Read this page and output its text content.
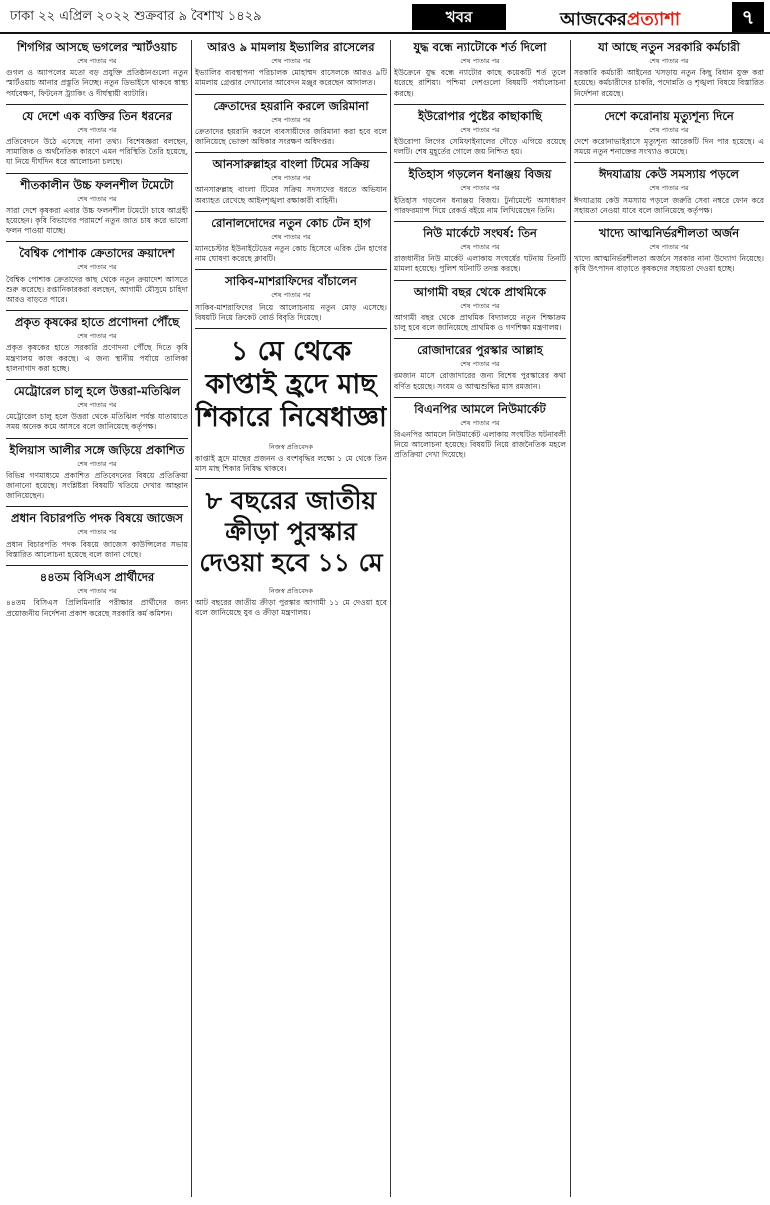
ঢাকা ২২ এপ্রিল ২০২২ শুক্রবার ৯ বৈশাখ ১৪২৯	খবর	আজকেরপ্রত্যাশা	৭
শিগগির আসছে ভগলের স্মার্টওয়াচ
শেষ পাতার পর
গুগল ও অ্যাপলের মতো বড় প্রযুক্তি প্রতিষ্ঠানগুলো নতুন স্মার্টওয়াচ আনার প্রস্তুতি নিচ্ছে। নতুন ডিভাইসে থাকবে স্বাস্থ্য পর্যবেক্ষণ, ফিটনেস ট্র্যাকিং ও দীর্ঘস্থায়ী ব্যাটারি।
যে দেশে এক ব্যক্তির তিন ধরনের
শেষ পাতার পর
প্রতিবেদনে উঠে এসেছে নানা তথ্য। বিশেষজ্ঞরা বলছেন, সামাজিক ও অর্থনৈতিক কারণে এমন পরিস্থিতি তৈরি হয়েছে, যা নিয়ে দীর্ঘদিন ধরে আলোচনা চলছে।
শীতকালীন উচ্চ ফলনশীল টমেটো
শেষ পাতার পর
সারা দেশে কৃষকরা এবার উচ্চ ফলনশীল টমেটো চাষে আগ্রহী হয়েছেন। কৃষি বিভাগের পরামর্শে নতুন জাত চাষ করে ভালো ফলন পাওয়া যাচ্ছে।
বৈশ্বিক পোশাক ক্রেতাদের ক্রয়াদেশ
শেষ পাতার পর
বৈশ্বিক পোশাক ক্রেতাদের কাছ থেকে নতুন ক্রয়াদেশ আসতে শুরু করেছে। রপ্তানিকারকরা বলছেন, আগামী মৌসুমে চাহিদা আরও বাড়তে পারে।
প্রকৃত কৃষকের হাতে প্রণোদনা পৌঁছে
শেষ পাতার পর
প্রকৃত কৃষকের হাতে সরকারি প্রণোদনা পৌঁছে দিতে কৃষি মন্ত্রণালয় কাজ করছে। এ জন্য স্থানীয় পর্যায়ে তালিকা হালনাগাদ করা হচ্ছে।
মেট্রোরেল চালু হলে উত্তরা-মতিঝিল
শেষ পাতার পর
মেট্রোরেল চালু হলে উত্তরা থেকে মতিঝিল পর্যন্ত যাতায়াতে সময় অনেক কমে আসবে বলে জানিয়েছে কর্তৃপক্ষ।
ইলিয়াস আলীর সঙ্গে জড়িয়ে প্রকাশিত
শেষ পাতার পর
বিভিন্ন গণমাধ্যমে প্রকাশিত প্রতিবেদনের বিষয়ে প্রতিক্রিয়া জানানো হয়েছে। সংশ্লিষ্টরা বিষয়টি খতিয়ে দেখার আহ্বান জানিয়েছেন।
প্রধান বিচারপতি পদক বিষয়ে জাজেস
শেষ পাতার পর
প্রধান বিচারপতি পদক বিষয়ে জাজেস কাউন্সিলের সভায় বিস্তারিত আলোচনা হয়েছে বলে জানা গেছে।
৪৪তম বিসিএস প্রার্থীদের
শেষ পাতার পর
৪৪তম বিসিএস প্রিলিমিনারি পরীক্ষার প্রার্থীদের জন্য প্রয়োজনীয় নির্দেশনা প্রকাশ করেছে সরকারি কর্ম কমিশন।
আরও ৯ মামলায় ইভ্যালির রাসেলের
শেষ পাতার পর
ইভ্যালির ব্যবস্থাপনা পরিচালক মোহাম্মদ রাসেলকে আরও ৯টি মামলায় গ্রেপ্তার দেখানোর আবেদন মঞ্জুর করেছেন আদালত।
ক্রেতাদের হয়রানি করলে জরিমানা
শেষ পাতার পর
ক্রেতাদের হয়রানি করলে ব্যবসায়ীদের জরিমানা করা হবে বলে জানিয়েছে ভোক্তা অধিকার সংরক্ষণ অধিদপ্তর।
আনসারুল্লাহর বাংলা টিমের সক্রিয়
শেষ পাতার পর
আনসারুল্লাহ বাংলা টিমের সক্রিয় সদস্যদের ধরতে অভিযান অব্যাহত রেখেছে আইনশৃঙ্খলা রক্ষাকারী বাহিনী।
রোনালদোদের নতুন কোচ টেন হাগ
শেষ পাতার পর
ম্যানচেস্টার ইউনাইটেডের নতুন কোচ হিসেবে এরিক টেন হাগের নাম ঘোষণা করেছে ক্লাবটি।
সাকিব-মাশরাফিদের বাঁচালেন
শেষ পাতার পর
সাকিব-মাশরাফিদের নিয়ে আলোচনায় নতুন মোড় এসেছে। বিষয়টি নিয়ে ক্রিকেট বোর্ড বিবৃতি দিয়েছে।
১ মে থেকে কাপ্তাই হ্রদে মাছ শিকারে নিষেধাজ্ঞা
নিজস্ব প্রতিবেদক
কাপ্তাই হ্রদে মাছের প্রজনন ও বংশবৃদ্ধির লক্ষ্যে ১ মে থেকে তিন মাস মাছ শিকার নিষিদ্ধ থাকবে।
৮ বছরের জাতীয় ক্রীড়া পুরস্কার দেওয়া হবে ১১ মে
নিজস্ব প্রতিবেদক
আট বছরের জাতীয় ক্রীড়া পুরস্কার আগামী ১১ মে দেওয়া হবে বলে জানিয়েছে যুব ও ক্রীড়া মন্ত্রণালয়।
যুদ্ধ বন্ধে ন্যাটোকে শর্ত দিলো
শেষ পাতার পর
ইউক্রেনে যুদ্ধ বন্ধে ন্যাটোর কাছে কয়েকটি শর্ত তুলে ধরেছে রাশিয়া। পশ্চিমা দেশগুলো বিষয়টি পর্যালোচনা করছে।
ইউরোপার পুষ্টের কাছাকাছি
শেষ পাতার পর
ইউরোপা লিগের সেমিফাইনালের দৌড়ে এগিয়ে রয়েছে দলটি। শেষ মুহূর্তের গোলে জয় নিশ্চিত হয়।
ইতিহাস গড়লেন ধনাঞ্জয় বিজয়
শেষ পাতার পর
ইতিহাস গড়লেন ধনাঞ্জয় বিজয়। টুর্নামেন্টে অসাধারণ পারফরম্যান্স দিয়ে রেকর্ড বইয়ে নাম লিখিয়েছেন তিনি।
নিউ মার্কেটে সংঘর্ষ: তিন
শেষ পাতার পর
রাজধানীর নিউ মার্কেট এলাকায় সংঘর্ষের ঘটনায় তিনটি মামলা হয়েছে। পুলিশ ঘটনাটি তদন্ত করছে।
আগামী বছর থেকে প্রাথমিকে
শেষ পাতার পর
আগামী বছর থেকে প্রাথমিক বিদ্যালয়ে নতুন শিক্ষাক্রম চালু হবে বলে জানিয়েছে প্রাথমিক ও গণশিক্ষা মন্ত্রণালয়।
রোজাদারের পুরস্কার আল্লাহ
শেষ পাতার পর
রমজান মাসে রোজাদারের জন্য বিশেষ পুরস্কারের কথা বর্ণিত হয়েছে। সংযম ও আত্মশুদ্ধির মাস রমজান।
বিএনপির আমলে নিউমার্কেট
শেষ পাতার পর
বিএনপির আমলে নিউমার্কেট এলাকায় সংঘটিত ঘটনাবলী নিয়ে আলোচনা হয়েছে। বিষয়টি নিয়ে রাজনৈতিক মহলে প্রতিক্রিয়া দেখা দিয়েছে।
যা আছে নতুন সরকারি কর্মচারী
শেষ পাতার পর
সরকারি কর্মচারী আইনের খসড়ায় নতুন কিছু বিধান যুক্ত করা হয়েছে। কর্মচারীদের চাকরি, পদোন্নতি ও শৃঙ্খলা বিষয়ে বিস্তারিত নির্দেশনা রয়েছে।
দেশে করোনায় মৃত্যুশূন্য দিনে
শেষ পাতার পর
দেশে করোনাভাইরাসে মৃত্যুশূন্য আরেকটি দিন পার হয়েছে। এ সময়ে নতুন শনাক্তের সংখ্যাও কমেছে।
ঈদযাত্রায় কেউ সমস্যায় পড়লে
শেষ পাতার পর
ঈদযাত্রায় কেউ সমস্যায় পড়লে জরুরি সেবা নম্বরে ফোন করে সহায়তা নেওয়া যাবে বলে জানিয়েছে কর্তৃপক্ষ।
খাদ্যে আত্মনির্ভরশীলতা অর্জন
শেষ পাতার পর
খাদ্যে আত্মনির্ভরশীলতা অর্জনে সরকার নানা উদ্যোগ নিয়েছে। কৃষি উৎপাদন বাড়াতে কৃষকদের সহায়তা দেওয়া হচ্ছে।
